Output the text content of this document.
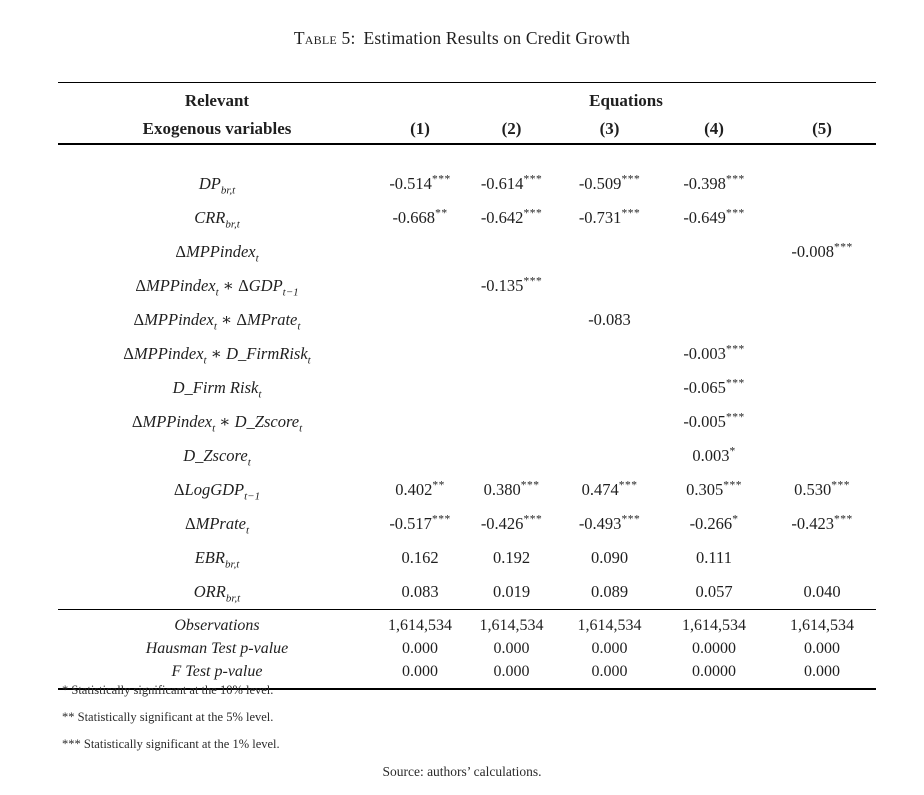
Table 5: Estimation Results on Credit Growth
Relevant	Equations				
Exogenous variables	(1)	(2)	(3)	(4)	(5)
$DP_{br,t}$	-0.514***	-0.614***	-0.509***	-0.398***	
$CRR_{br,t}$	-0.668**	-0.642***	-0.731***	-0.649***	
ΔMPPindex$_t$					-0.008***
ΔMPPindex$_t$ ∗ $\Delta GDP_{t-1}$		-0.135***			
ΔMPPindex$_t$ ∗ ΔMPrate$_t$			-0.083		
ΔMPPindex$_t$ ∗ D_FirmRisk$_t$				-0.003***	
D_Firm Risk$_t$				-0.065***	
ΔMPPindex$_t$ ∗ D_Zscore$_t$				-0.005***	
D_Zscore$_t$				0.003*	
ΔLogGDP$_{t-1}$	0.402**	0.380***	0.474***	0.305***	0.530***
ΔMPrate$_t$	-0.517***	-0.426***	-0.493***	-0.266*	-0.423***
$EBR_{br,t}$	0.162	0.192	0.090	0.111	
$ORR_{br,t}$	0.083	0.019	0.089	0.057	0.040
Observations	1,614,534	1,614,534	1,614,534	1,614,534	1,614,534
Hausman Test p-value	0.000	0.000	0.000	0.0000	0.000
F Test p-value	0.000	0.000	0.000	0.0000	0.000
* Statistically significant at the 10% level.
** Statistically significant at the 5% level.
*** Statistically significant at the 1% level.
Source: authors’ calculations.
